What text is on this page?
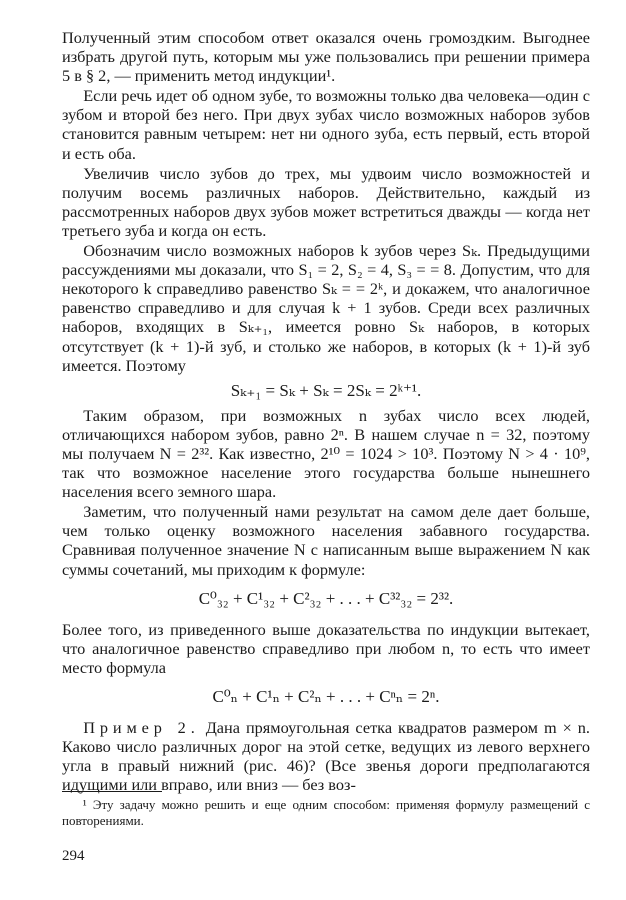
Полученный этим способом ответ оказался очень громоздким. Выгоднее избрать другой путь, которым мы уже пользовались при решении примера 5 в § 2, — применить метод индукции¹.

Если речь идет об одном зубе, то возможны только два человека—один с зубом и второй без него. При двух зубах число возможных наборов зубов становится равным четырем: нет ни одного зуба, есть первый, есть второй и есть оба.

Увеличив число зубов до трех, мы удвоим число возможностей и получим восемь различных наборов. Действительно, каждый из рассмотренных наборов двух зубов может встретиться дважды — когда нет третьего зуба и когда он есть.

Обозначим число возможных наборов k зубов через Sₖ. Предыдущими рассуждениями мы доказали, что S₁ = 2, S₂ = 4, S₃ = = 8. Допустим, что для некоторого k справедливо равенство Sₖ = = 2ᵏ, и докажем, что аналогичное равенство справедливо и для случая k + 1 зубов. Среди всех различных наборов, входящих в Sₖ₊₁, имеется ровно Sₖ наборов, в которых отсутствует (k + 1)-й зуб, и столько же наборов, в которых (k + 1)-й зуб имеется. Поэтому

Sₖ₊₁ = Sₖ + Sₖ = 2Sₖ = 2ᵏ⁺¹.

Таким образом, при возможных n зубах число всех людей, отличающихся набором зубов, равно 2ⁿ. В нашем случае n = 32, поэтому мы получаем N = 2³². Как известно, 2¹⁰ = 1024 > 10³. Поэтому N > 4 · 10⁹, так что возможное население этого государства больше нынешнего населения всего земного шара.

Заметим, что полученный нами результат на самом деле дает больше, чем только оценку возможного населения забавного государства. Сравнивая полученное значение N с написанным выше выражением N как суммы сочетаний, мы приходим к формуле:

C⁰₃₂ + C¹₃₂ + C²₃₂ + . . . + C³²₃₂ = 2³².

Более того, из приведенного выше доказательства по индукции вытекает, что аналогичное равенство справедливо при любом n, то есть что имеет место формула

C⁰ₙ + C¹ₙ + C²ₙ + . . . + Cⁿₙ = 2ⁿ.

Пример 2. Дана прямоугольная сетка квадратов размером m × n. Каково число различных дорог на этой сетке, ведущих из левого верхнего угла в правый нижний (рис. 46)? (Все звенья дороги предполагаются идущими или вправо, или вниз — без воз-

¹ Эту задачу можно решить и еще одним способом: применяя формулу размещений с повторениями.
294
